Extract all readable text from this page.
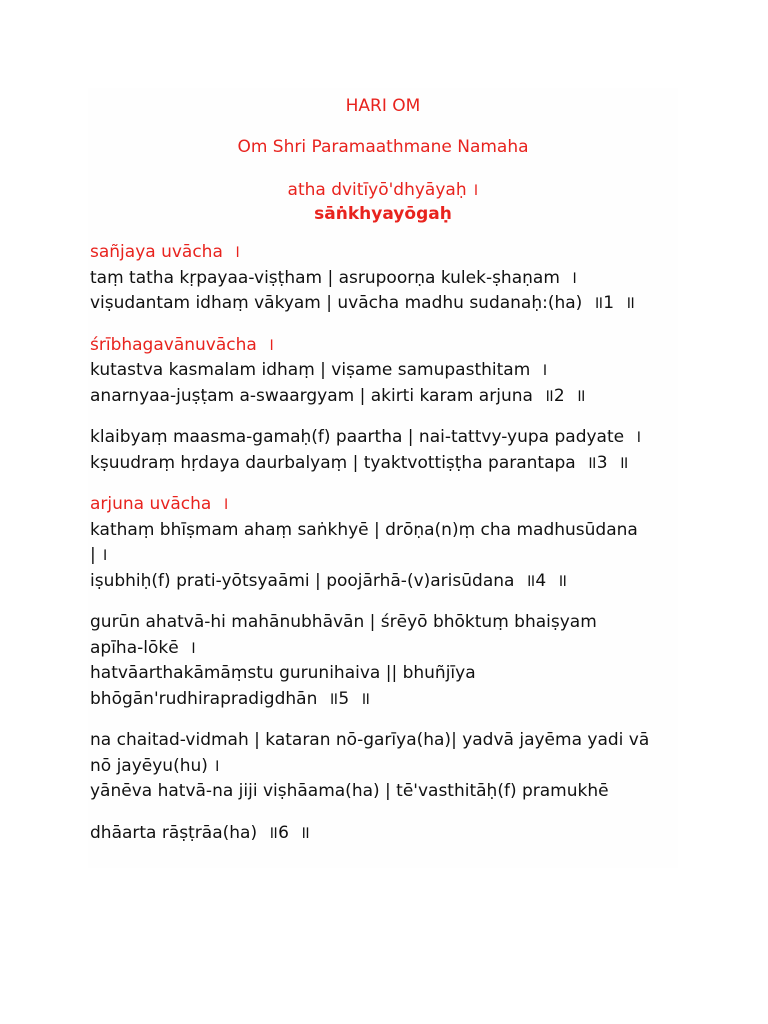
HARI OM
Om Shri Paramaathmane Namaha
atha dvitīyō'dhyāyaḥ ।
sāṅkhyayōgaḥ
sañjaya uvācha  ।
taṃ tatha kṛpayaa-viṣṭham | asrupoorṇa kulek-ṣhaṇam  ।
viṣudantam idhaṃ vākyam | uvācha madhu sudanaḥ:(ha)  ॥1  ॥
śrībhagavānuvācha  ।
kutastva kasmalam idhaṃ | viṣame samupasthitam  ।
anarnyaa-juṣṭam a-swaargyam | akirti karam arjuna  ॥2  ॥
klaibyaṃ maasma-gamaḥ(f) paartha | nai-tattvy-yupa padyate  ।
kṣuudraṃ hṛdaya daurbalyaṃ | tyaktvottiṣṭha parantapa  ॥3  ॥
arjuna uvācha  ।
kathaṃ bhīṣmam ahaṃ saṅkhyē | drōṇa(n)ṃ cha madhusūdana
| ।
iṣubhiḥ(f) prati-yōtsyaāmi | poojārhā-(v)arisūdana  ॥4  ॥
gurūn ahatvā-hi mahānubhāvān | śrēyō bhōktuṃ bhaiṣyam
apīha-lōkē  ।
hatvāarthakāmāṃstu gurunihaiva || bhuñjīya
bhōgān'rudhirapradigdhān  ॥5  ॥
na chaitad-vidmah | kataran nō-garīya(ha)| yadvā jayēma yadi vā
nō jayēyu(hu) ।
yānēva hatvā-na jiji viṣhāama(ha) | tē'vasthitāḥ(f) pramukhē
dhāarta rāṣṭrāa(ha)  ॥6  ॥
